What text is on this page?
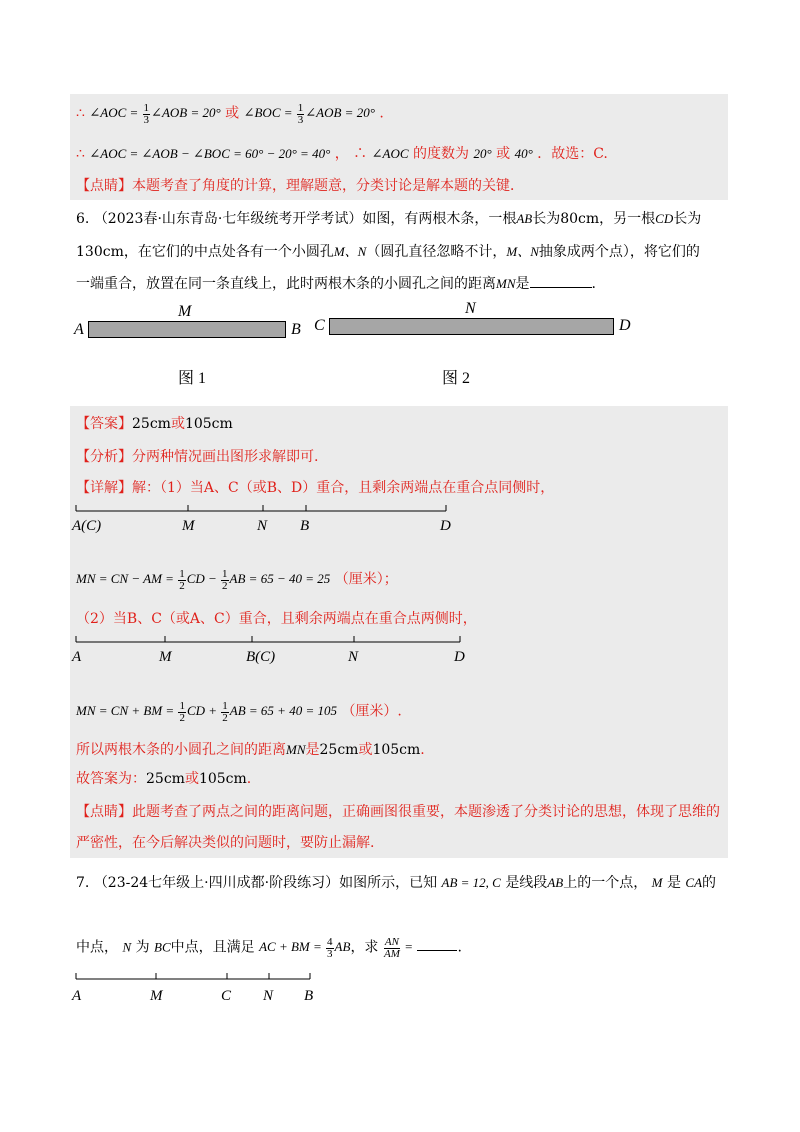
∴ ∠AOC = $\frac{1}{3}$ ∠AOB = 20° 或 ∠BOC = $\frac{1}{3}$ ∠AOB = 20° .
∴ ∠AOC = ∠AOB − ∠BOC = 60° − 20° = 40° ， ∴ ∠AOC 的度数为 20° 或 40° ．故选：C.
【点睛】本题考查了角度的计算，理解题意，分类讨论是解本题的关键．
6. （2023春·山东青岛·七年级统考开学考试）如图，有两根木条，一根AB长为80cm，另一根CD长为
130cm，在它们的中点处各有一个小圆孔M、N（圆孔直径忽略不计，M、N抽象成两个点），将它们的
一端重合，放置在同一条直线上，此时两根木条的小圆孔之间的距离MN是	.
A
M
B
图 1
C
N
D
图 2
【答案】25cm或105cm
【分析】分两种情况画出图形求解即可.
【详解】解：（1）当A、C（或B、D）重合，且剩余两端点在重合点同侧时，
A(C)	M	N B	D
MN = CN − AM = $\frac{1}{2}$ CD − $\frac{1}{2}$ AB = 65 − 40 = 25 （厘米）；
（2）当B、C（或A、C）重合，且剩余两端点在重合点两侧时，
A	M	B(C)	N	D
MN = CN + BM = $\frac{1}{2}$ CD + $\frac{1}{2}$ AB = 65 + 40 = 105 （厘米）.
所以两根木条的小圆孔之间的距离MN是25cm或105cm.
故答案为：25cm或105cm.
【点睛】此题考查了两点之间的距离问题，正确画图很重要，本题渗透了分类讨论的思想，体现了思维的
严密性，在今后解决类似的问题时，要防止漏解.
7. （23-24七年级上·四川成都·阶段练习）如图所示，已知 AB = 12, C 是线段AB上的一个点， M 是 CA的
中点， N 为 BC中点，且满足 AC + BM = $\frac{4}{3}$ AB，求 $\frac{AN}{AM}$ =	.
A	M	C N B
